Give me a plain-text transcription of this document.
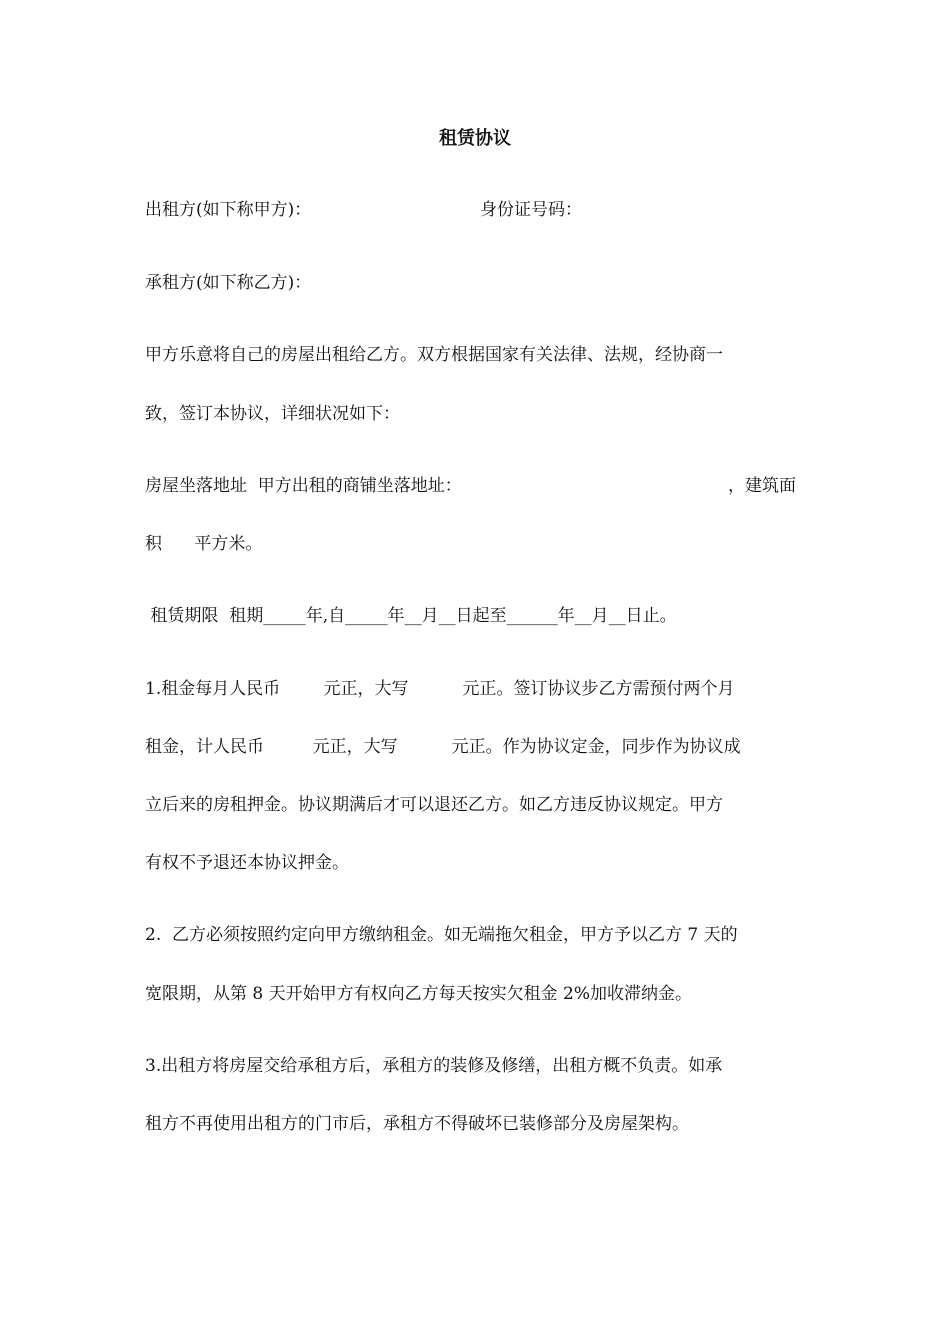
租赁协议

出租方(如下称甲方)：	身份证号码：

承租方(如下称乙方)：

甲方乐意将自己的房屋出租给乙方。双方根据国家有关法律、法规，经协商一

致，签订本协议，详细状况如下：

房屋坐落地址  甲方出租的商铺坐落地址：	，建筑面

积      平方米。

租赁期限  租期_____年,自_____年__月__日起至______年__月__日止。

1.租金每月人民币        元正，大写          元正。签订协议步乙方需预付两个月

租金，计人民币         元正，大写          元正。作为协议定金，同步作为协议成

立后来的房租押金。协议期满后才可以退还乙方。如乙方违反协议规定。甲方

有权不予退还本协议押金。

2.  乙方必须按照约定向甲方缴纳租金。如无端拖欠租金，甲方予以乙方 7 天的

宽限期，从第 8 天开始甲方有权向乙方每天按实欠租金 2%加收滞纳金。

3.出租方将房屋交给承租方后，承租方的装修及修缮，出租方概不负责。如承

租方不再使用出租方的门市后，承租方不得破坏已装修部分及房屋架构。
